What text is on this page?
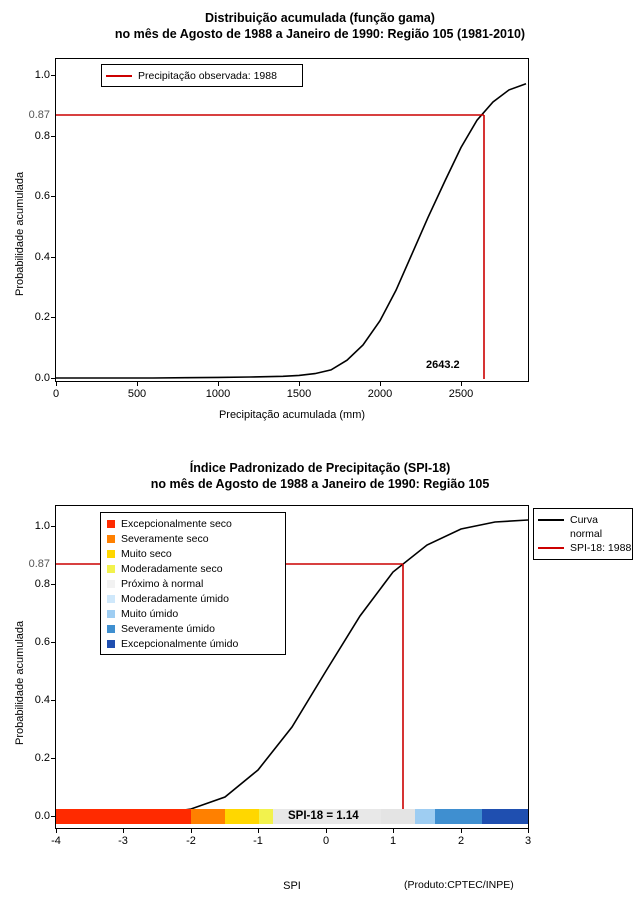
Distribuição acumulada (função gama)
no mês de Agosto de 1988 a Janeiro de 1990: Região 105 (1981-2010)
Probabilidade acumulada
Precipitação acumulada (mm)
0.0
0.2
0.4
0.6
0.8
1.0
0.87
0	500	1000	1500	2000	2500
2643.2
Precipitação observada: 1988
Índice Padronizado de Precipitação (SPI-18)
no mês de Agosto de 1988 a Janeiro de 1990: Região 105
Probabilidade acumulada
SPI
0.0
0.2
0.4
0.6
0.8
1.0
0.87
-4	-3	-2	-1	0	1	2	3
SPI-18 = 1.14
Excepcionalmente seco
Severamente seco
Muito seco
Moderadamente seco
Próximo à normal
Moderadamente úmido
Muito úmido
Severamente úmido
Excepcionalmente úmido
Curva
normal
SPI-18: 1988
(Produto:CPTEC/INPE)
